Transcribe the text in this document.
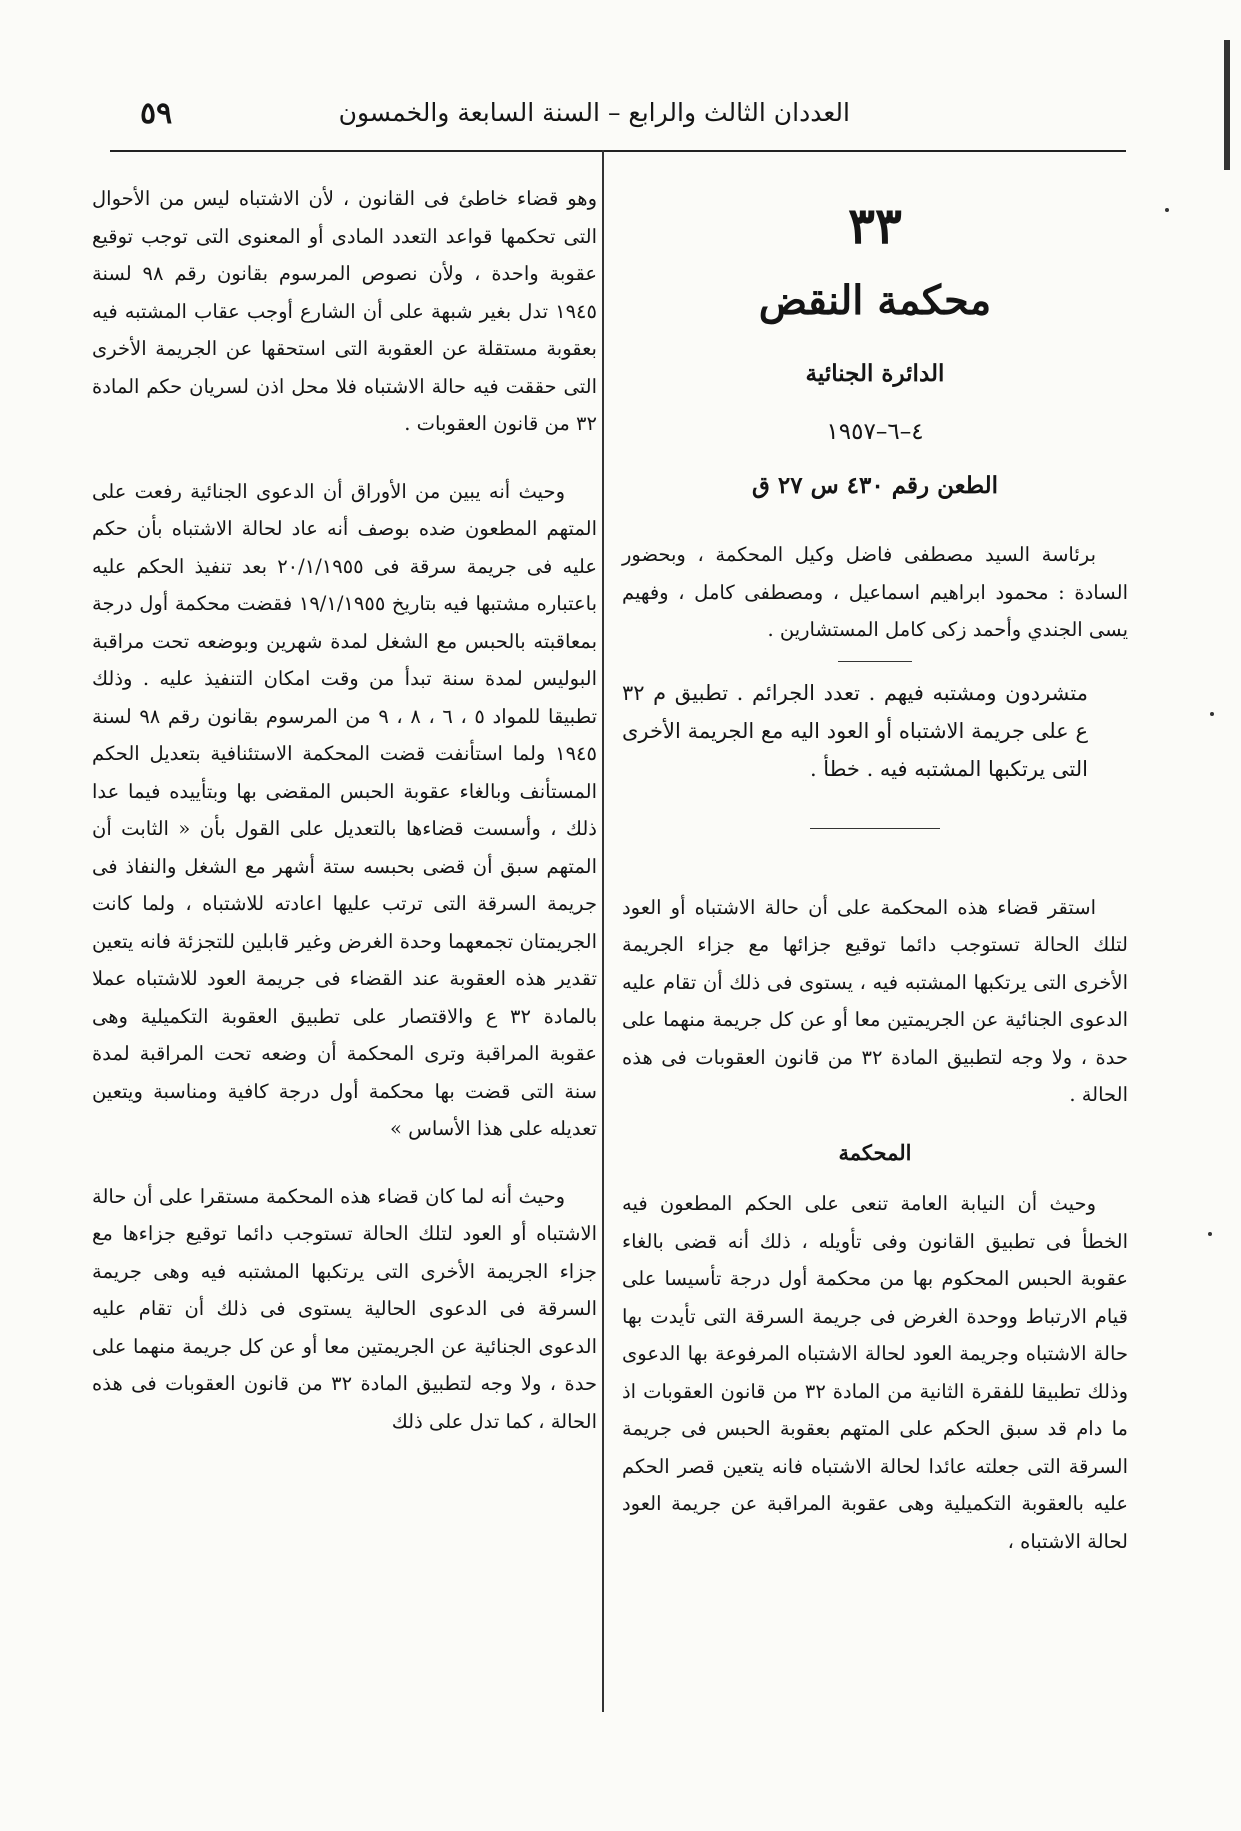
٥٩	العددان الثالث والرابع – السنة السابعة والخمسون
٣٣
محكمة النقض
الدائرة الجنائية
٤–٦–١٩٥٧
الطعن رقم ٤٣٠ س ٢٧ ق

برئاسة السيد مصطفى فاضل وكيل المحكمة ، وبحضور السادة : محمود ابراهيم اسماعيل ، ومصطفى كامل ، وفهيم يسى الجندي وأحمد زكى كامل المستشارين .

متشردون ومشتبه فيهم . تعدد الجرائم . تطبيق م ٣٢ ع على جريمة الاشتباه أو العود اليه مع الجريمة الأخرى التى يرتكبها المشتبه فيه . خطأ .

استقر قضاء هذه المحكمة على أن حالة الاشتباه أو العود لتلك الحالة تستوجب دائما توقيع جزائها مع جزاء الجريمة الأخرى التى يرتكبها المشتبه فيه ، يستوى فى ذلك أن تقام عليه الدعوى الجنائية عن الجريمتين معا أو عن كل جريمة منهما على حدة ، ولا وجه لتطبيق المادة ٣٢ من قانون العقوبات فى هذه الحالة .

المحكمة

وحيث أن النيابة العامة تنعى على الحكم المطعون فيه الخطأ فى تطبيق القانون وفى تأويله ، ذلك أنه قضى بالغاء عقوبة الحبس المحكوم بها من محكمة أول درجة تأسيسا على قيام الارتباط ووحدة الغرض فى جريمة السرقة التى تأيدت بها حالة الاشتباه وجريمة العود لحالة الاشتباه المرفوعة بها الدعوى وذلك تطبيقا للفقرة الثانية من المادة ٣٢ من قانون العقوبات اذ ما دام قد سبق الحكم على المتهم بعقوبة الحبس فى جريمة السرقة التى جعلته عائدا لحالة الاشتباه فانه يتعين قصر الحكم عليه بالعقوبة التكميلية وهى عقوبة المراقبة عن جريمة العود لحالة الاشتباه ،

وهو قضاء خاطئ فى القانون ، لأن الاشتباه ليس من الأحوال التى تحكمها قواعد التعدد المادى أو المعنوى التى توجب توقيع عقوبة واحدة ، ولأن نصوص المرسوم بقانون رقم ٩٨ لسنة ١٩٤٥ تدل بغير شبهة على أن الشارع أوجب عقاب المشتبه فيه بعقوبة مستقلة عن العقوبة التى استحقها عن الجريمة الأخرى التى حققت فيه حالة الاشتباه فلا محل اذن لسريان حكم المادة ٣٢ من قانون العقوبات .

وحيث أنه يبين من الأوراق أن الدعوى الجنائية رفعت على المتهم المطعون ضده بوصف أنه عاد لحالة الاشتباه بأن حكم عليه فى جريمة سرقة فى ٢٠/١/١٩٥٥ بعد تنفيذ الحكم عليه باعتباره مشتبها فيه بتاريخ ١٩/١/١٩٥٥ فقضت محكمة أول درجة بمعاقبته بالحبس مع الشغل لمدة شهرين وبوضعه تحت مراقبة البوليس لمدة سنة تبدأ من وقت امكان التنفيذ عليه . وذلك تطبيقا للمواد ٥ ، ٦ ، ٨ ، ٩ من المرسوم بقانون رقم ٩٨ لسنة ١٩٤٥ ولما استأنفت قضت المحكمة الاستئنافية بتعديل الحكم المستأنف وبالغاء عقوبة الحبس المقضى بها وبتأييده فيما عدا ذلك ، وأسست قضاءها بالتعديل على القول بأن « الثابت أن المتهم سبق أن قضى بحبسه ستة أشهر مع الشغل والنفاذ فى جريمة السرقة التى ترتب عليها اعادته للاشتباه ، ولما كانت الجريمتان تجمعهما وحدة الغرض وغير قابلين للتجزئة فانه يتعين تقدير هذه العقوبة عند القضاء فى جريمة العود للاشتباه عملا بالمادة ٣٢ ع والاقتصار على تطبيق العقوبة التكميلية وهى عقوبة المراقبة وترى المحكمة أن وضعه تحت المراقبة لمدة سنة التى قضت بها محكمة أول درجة كافية ومناسبة ويتعين تعديله على هذا الأساس »

وحيث أنه لما كان قضاء هذه المحكمة مستقرا على أن حالة الاشتباه أو العود لتلك الحالة تستوجب دائما توقيع جزاءها مع جزاء الجريمة الأخرى التى يرتكبها المشتبه فيه وهى جريمة السرقة فى الدعوى الحالية يستوى فى ذلك أن تقام عليه الدعوى الجنائية عن الجريمتين معا أو عن كل جريمة منهما على حدة ، ولا وجه لتطبيق المادة ٣٢ من قانون العقوبات فى هذه الحالة ، كما تدل على ذلك
